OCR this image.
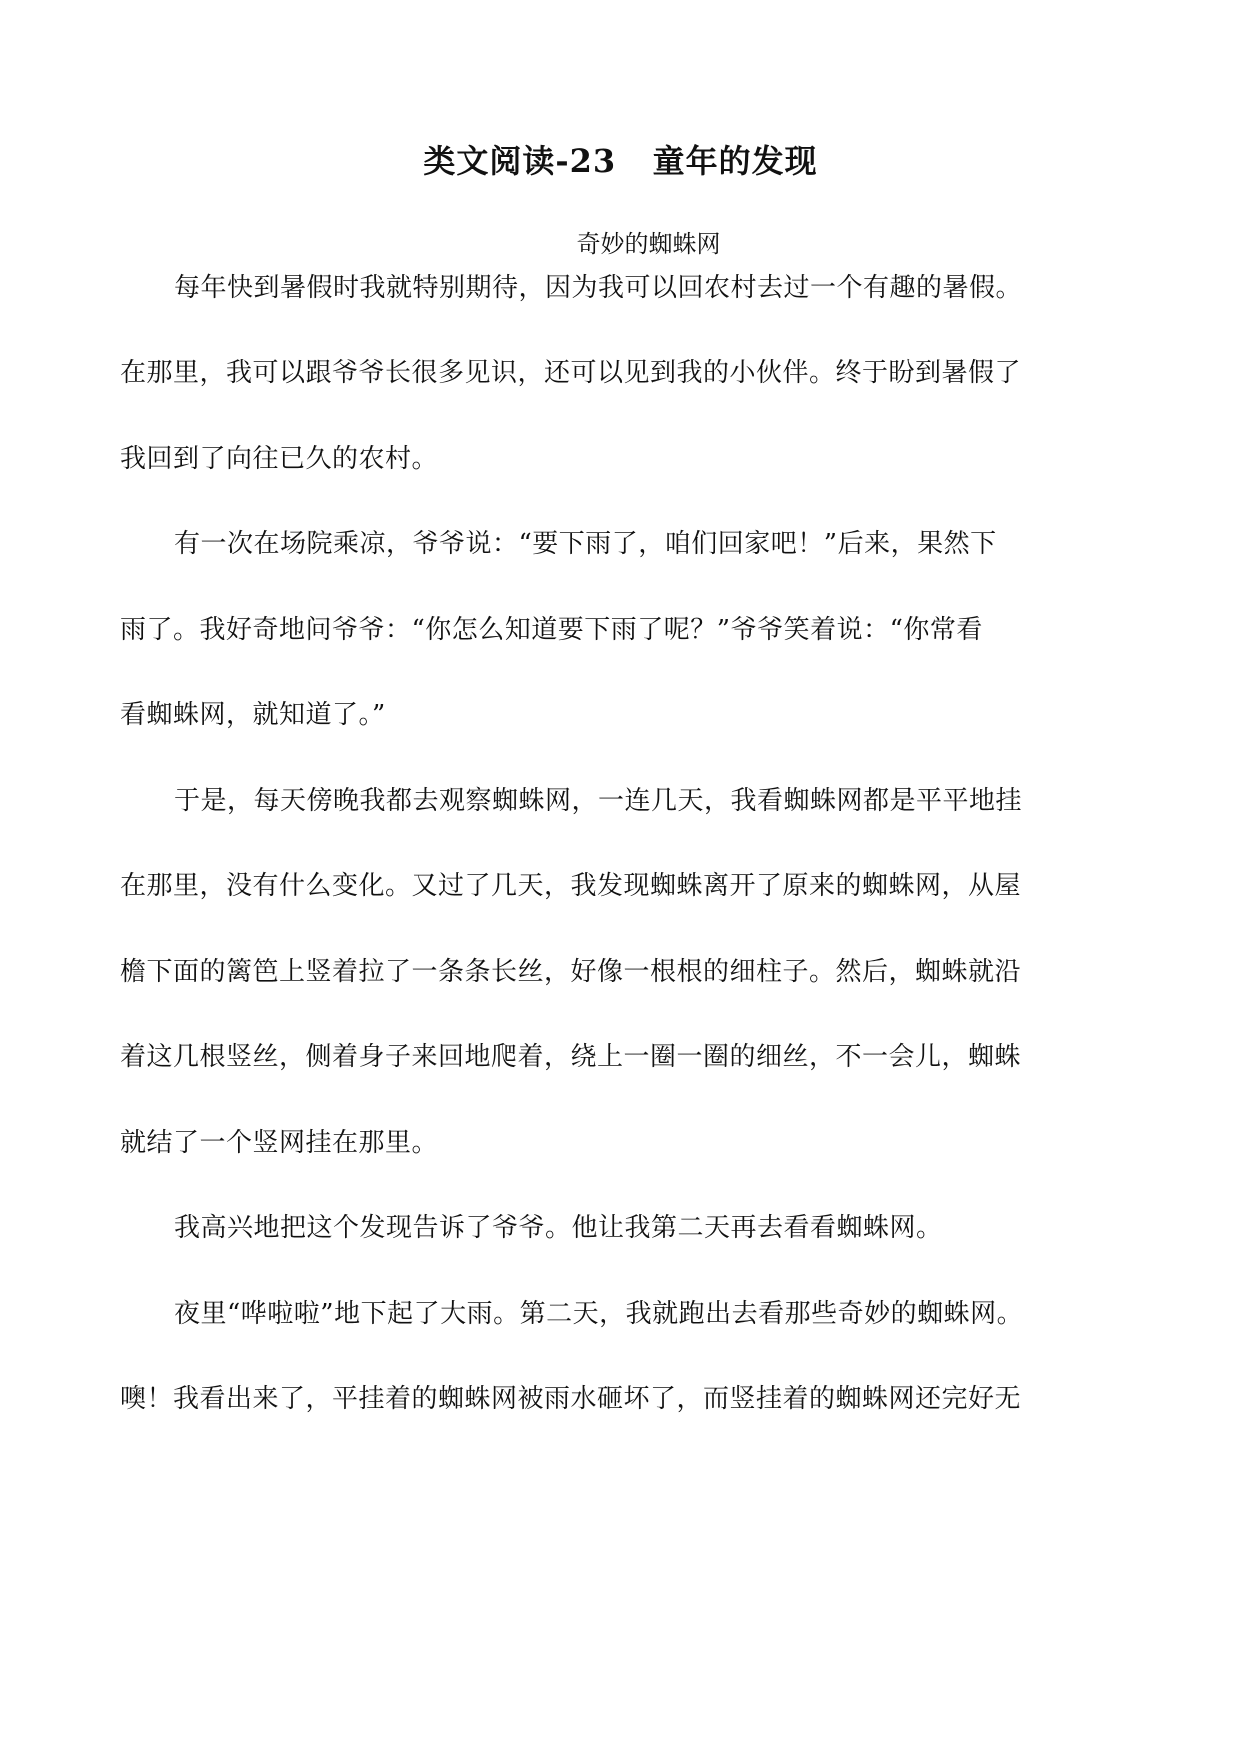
类文阅读-23   童年的发现
奇妙的蜘蛛网
每年快到暑假时我就特别期待，因为我可以回农村去过一个有趣的暑假。
在那里，我可以跟爷爷长很多见识，还可以见到我的小伙伴。终于盼到暑假了
我回到了向往已久的农村。
有一次在场院乘凉，爷爷说：“要下雨了，咱们回家吧！”后来，果然下
雨了。我好奇地问爷爷：“你怎么知道要下雨了呢？”爷爷笑着说：“你常看
看蜘蛛网，就知道了。”
于是，每天傍晚我都去观察蜘蛛网，一连几天，我看蜘蛛网都是平平地挂
在那里，没有什么变化。又过了几天，我发现蜘蛛离开了原来的蜘蛛网，从屋
檐下面的篱笆上竖着拉了一条条长丝，好像一根根的细柱子。然后，蜘蛛就沿
着这几根竖丝，侧着身子来回地爬着，绕上一圈一圈的细丝，不一会儿，蜘蛛
就结了一个竖网挂在那里。
我高兴地把这个发现告诉了爷爷。他让我第二天再去看看蜘蛛网。
夜里“哗啦啦”地下起了大雨。第二天，我就跑出去看那些奇妙的蜘蛛网。
噢！我看出来了，平挂着的蜘蛛网被雨水砸坏了，而竖挂着的蜘蛛网还完好无
